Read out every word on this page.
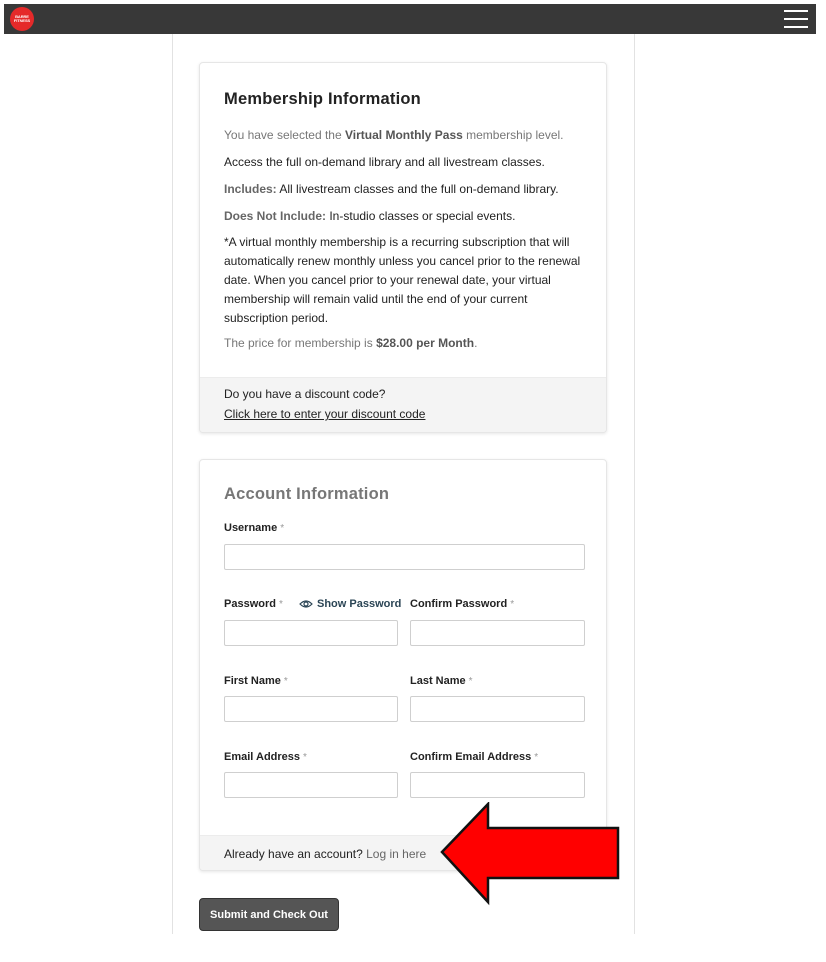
BARRE
FITNESS
Membership Information
You have selected the Virtual Monthly Pass membership level.
Access the full on-demand library and all livestream classes.
Includes: All livestream classes and the full on-demand library.
Does Not Include: In-studio classes or special events.
*A virtual monthly membership is a recurring subscription that will automatically renew monthly unless you cancel prior to the renewal date. When you cancel prior to your renewal date, your virtual membership will remain valid until the end of your current subscription period.
The price for membership is $28.00 per Month.
Do you have a discount code?
Click here to enter your discount code
Account Information
Username *
Password *	Show Password Confirm Password *
First Name *	Last Name *
Email Address *	Confirm Email Address *
Already have an account? Log in here
Submit and Check Out
